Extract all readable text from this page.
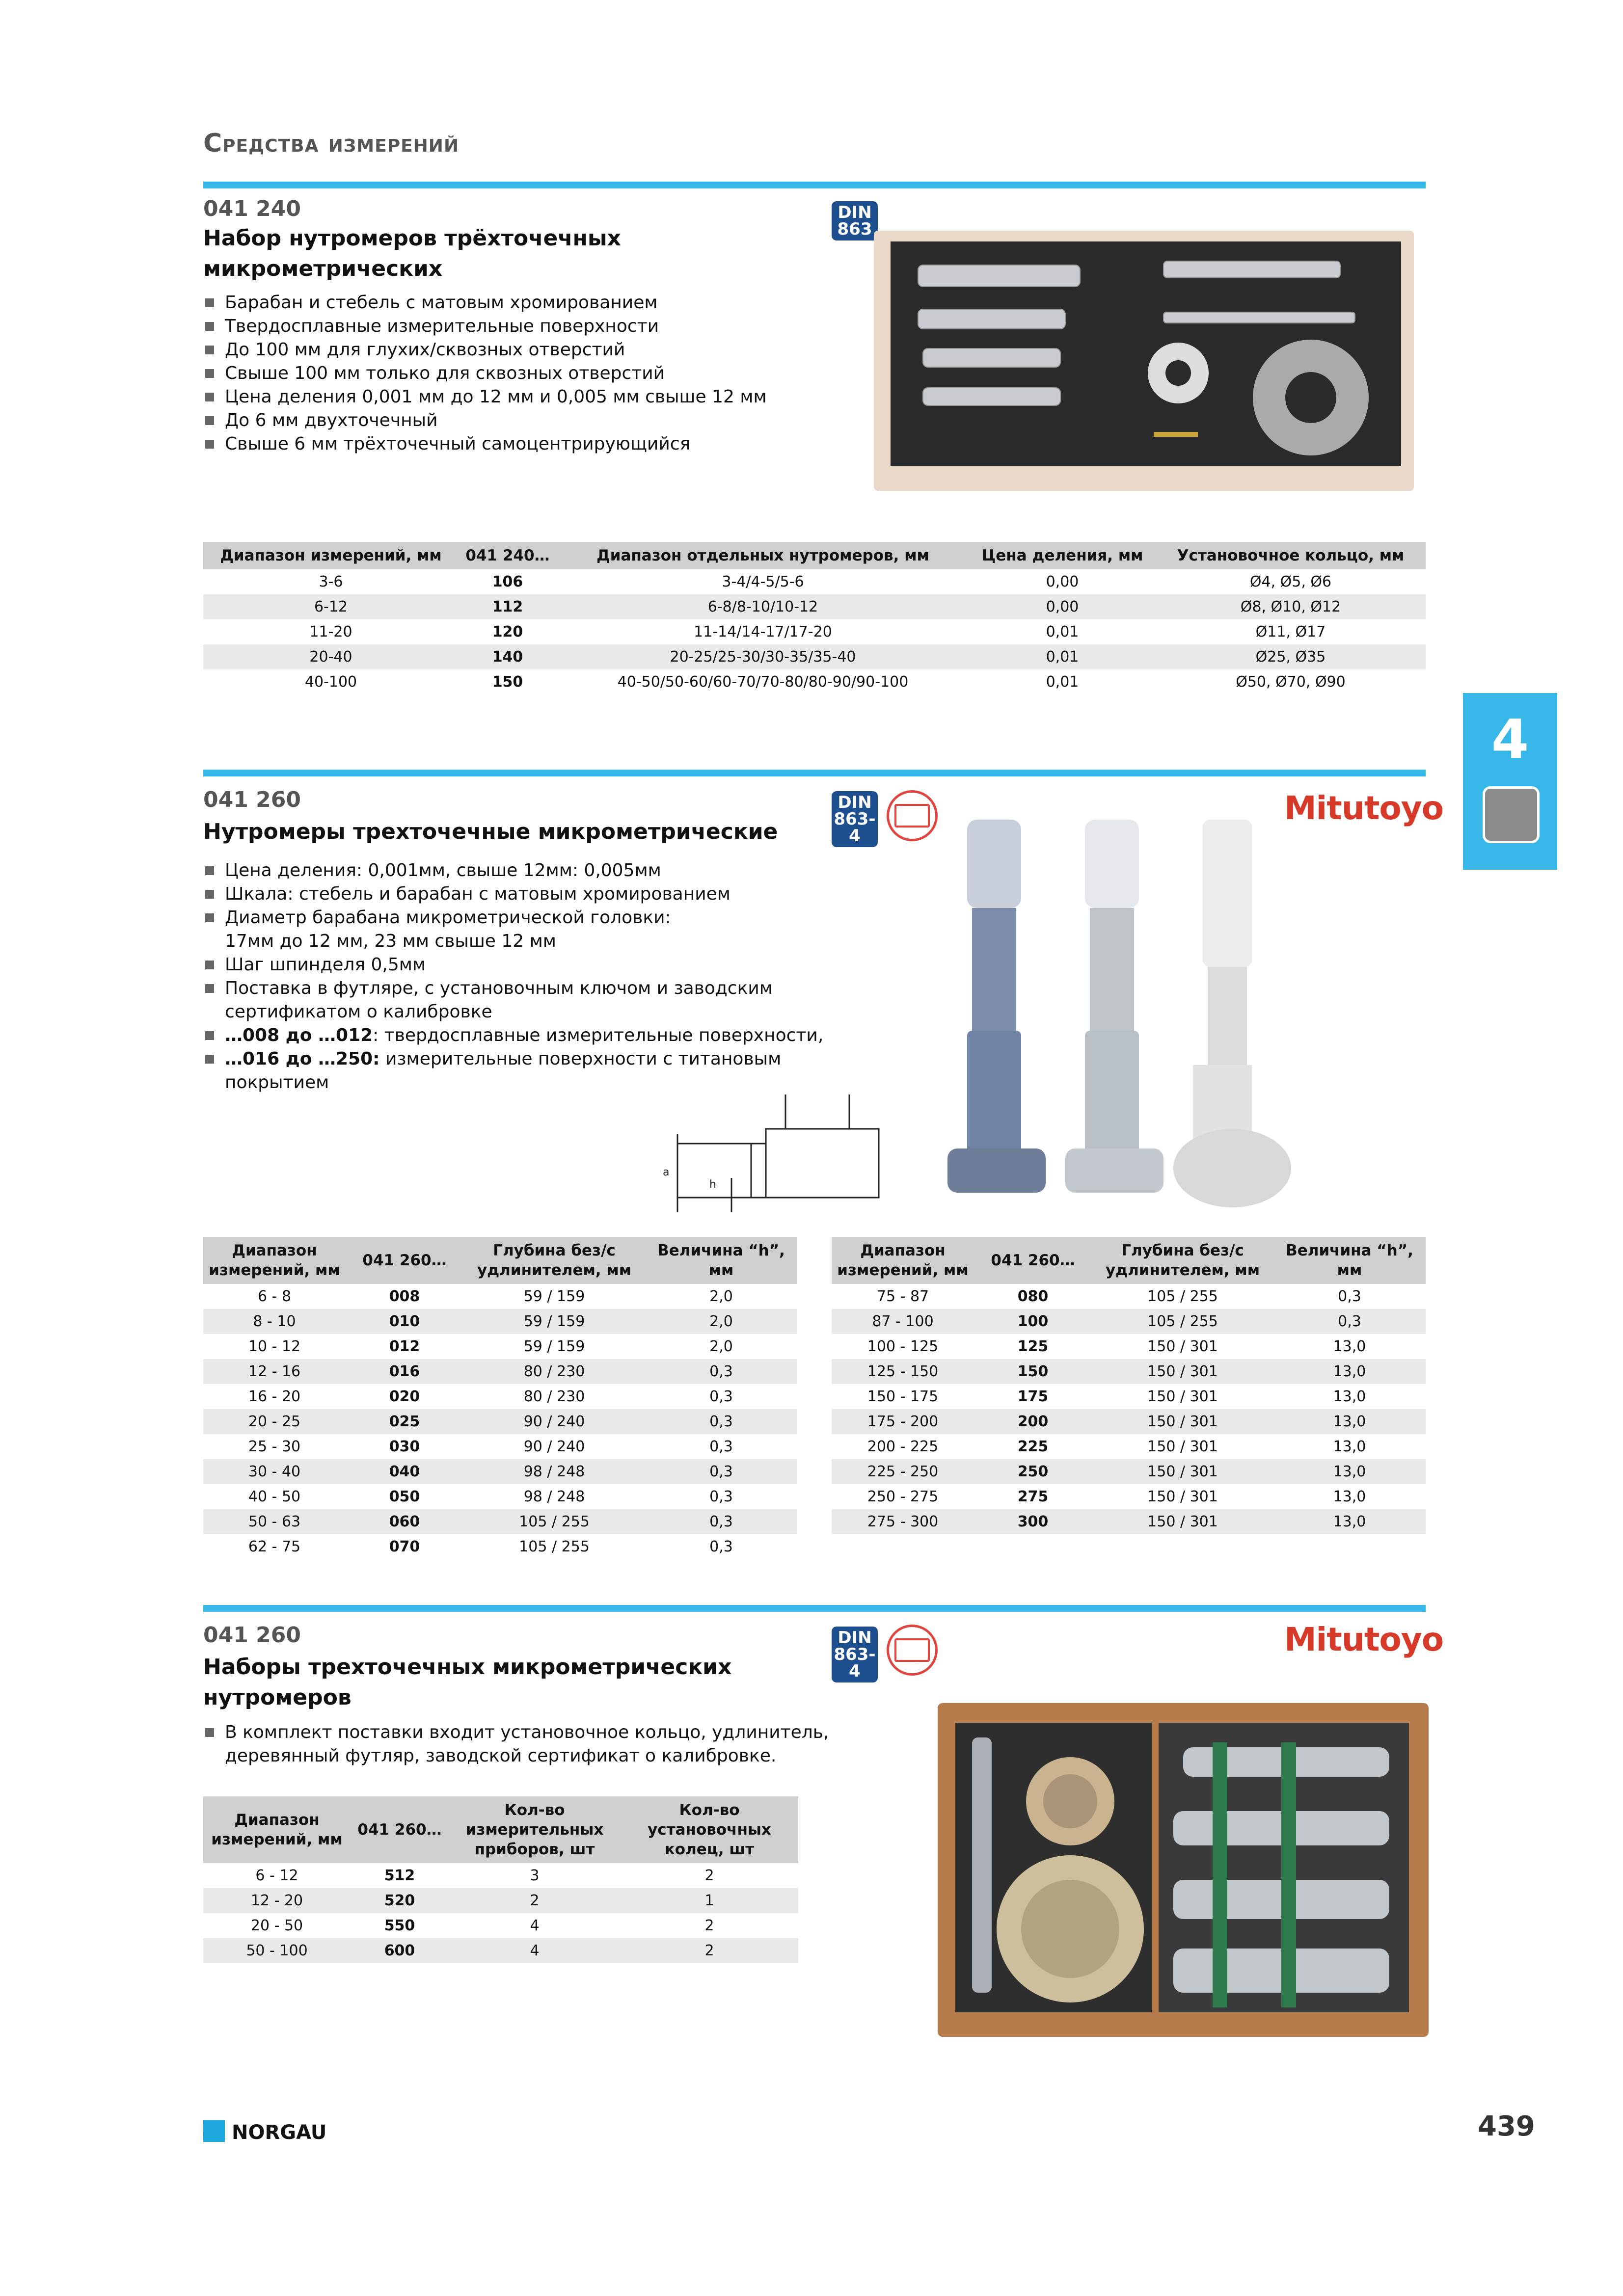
Средства измерений
041 240
Набор нутромеров трёхточечных
микрометрических
Барабан и стебель с матовым хромированием
Твердосплавные измерительные поверхности
До 100 мм для глухих/сквозных отверстий
Свыше 100 мм только для сквозных отверстий
Цена деления 0,001 мм до 12 мм и 0,005 мм свыше 12 мм
До 6 мм двухточечный
Свыше 6 мм трёхточечный самоцентрирующийся
DIN
863
Диапазон измерений, мм	041 240…	Диапазон отдельных нутромеров, мм	Цена деления, мм	Установочное кольцо, мм
3-6	106	3-4/4-5/5-6	0,00	Ø4, Ø5, Ø6
6-12	112	6-8/8-10/10-12	0,00	Ø8, Ø10, Ø12
11-20	120	11-14/14-17/17-20	0,01	Ø11, Ø17
20-40	140	20-25/25-30/30-35/35-40	0,01	Ø25, Ø35
40-100	150	40-50/50-60/60-70/70-80/80-90/90-100	0,01	Ø50, Ø70, Ø90
4
041 260
Нутромеры трехточечные микрометрические
Цена деления: 0,001мм, свыше 12мм: 0,005мм
Шкала: стебель и барабан с матовым хромированием
Диаметр барабана микрометрической головки:
17мм до 12 мм, 23 мм свыше 12 мм
Шаг шпинделя 0,5мм
Поставка в футляре, с установочным ключом и заводским
сертификатом о калибровке
…008 до …012: твердосплавные измерительные поверхности,
…016 до …250: измерительные поверхности с титановым
покрытием
DIN
863-4
Mitutoyo
a
h
Диапазон измерений, мм	041 260…	Глубина без/с удлинителем, мм	Величина “h”, мм
6 - 8	008	59 / 159	2,0
8 - 10	010	59 / 159	2,0
10 - 12	012	59 / 159	2,0
12 - 16	016	80 / 230	0,3
16 - 20	020	80 / 230	0,3
20 - 25	025	90 / 240	0,3
25 - 30	030	90 / 240	0,3
30 - 40	040	98 / 248	0,3
40 - 50	050	98 / 248	0,3
50 - 63	060	105 / 255	0,3
62 - 75	070	105 / 255	0,3
Диапазон измерений, мм	041 260…	Глубина без/с удлинителем, мм	Величина “h”, мм
75 - 87	080	105 / 255	0,3
87 - 100	100	105 / 255	0,3
100 - 125	125	150 / 301	13,0
125 - 150	150	150 / 301	13,0
150 - 175	175	150 / 301	13,0
175 - 200	200	150 / 301	13,0
200 - 225	225	150 / 301	13,0
225 - 250	250	150 / 301	13,0
250 - 275	275	150 / 301	13,0
275 - 300	300	150 / 301	13,0
041 260
Наборы трехточечных микрометрических
нутромеров
В комплект поставки входит установочное кольцо, удлинитель,
деревянный футляр, заводской сертификат о калибровке.
DIN
863-4
Mitutoyo
Диапазон измерений, мм	041 260…	Кол-во измерительных приборов, шт	Кол-во установочных колец, шт
6 - 12	512	3	2
12 - 20	520	2	1
20 - 50	550	4	2
50 - 100	600	4	2
NORGAU	439
